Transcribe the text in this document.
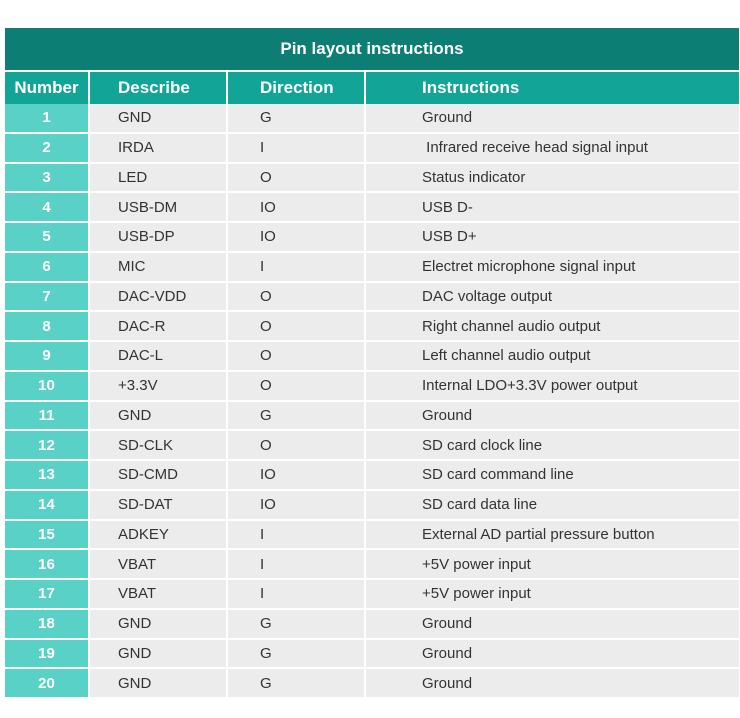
Pin layout instructions			
Number	Describe	Direction	Instructions
1	GND	G	Ground
2	IRDA	I	Infrared receive head signal input
3	LED	O	Status indicator
4	USB-DM	IO	USB D-
5	USB-DP	IO	USB D+
6	MIC	I	Electret microphone signal input
7	DAC-VDD	O	DAC voltage output
8	DAC-R	O	Right channel audio output
9	DAC-L	O	Left channel audio output
10	+3.3V	O	Internal LDO+3.3V power output
11	GND	G	Ground
12	SD-CLK	O	SD card clock line
13	SD-CMD	IO	SD card command line
14	SD-DAT	IO	SD card data line
15	ADKEY	I	External AD partial pressure button
16	VBAT	I	+5V power input
17	VBAT	I	+5V power input
18	GND	G	Ground
19	GND	G	Ground
20	GND	G	Ground
